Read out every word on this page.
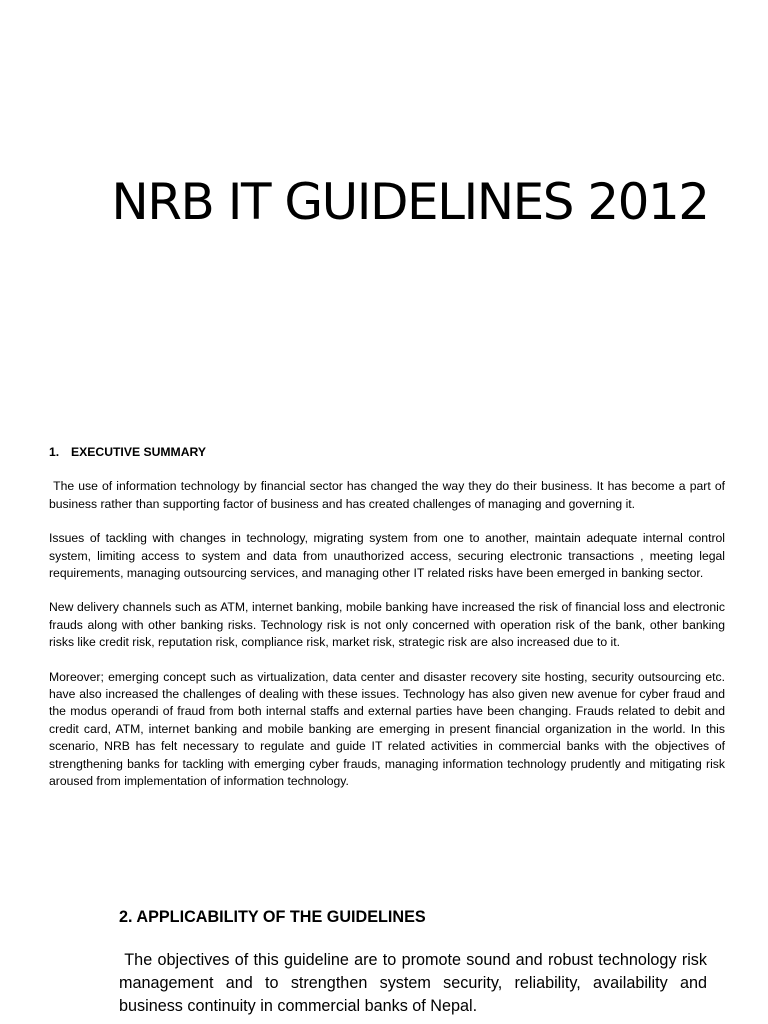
NRB IT GUIDELINES 2012
1. EXECUTIVE SUMMARY

The use of information technology by financial sector has changed the way they do their business. It has become a part of business rather than supporting factor of business and has created challenges of managing and governing it.

Issues of tackling with changes in technology, migrating system from one to another, maintain adequate internal control system, limiting access to system and data from unauthorized access, securing electronic transactions , meeting legal requirements, managing outsourcing services, and managing other IT related risks have been emerged in banking sector.

New delivery channels such as ATM, internet banking, mobile banking have increased the risk of financial loss and electronic frauds along with other banking risks. Technology risk is not only concerned with operation risk of the bank, other banking risks like credit risk, reputation risk, compliance risk, market risk, strategic risk are also increased due to it.

Moreover; emerging concept such as virtualization, data center and disaster recovery site hosting, security outsourcing etc. have also increased the challenges of dealing with these issues. Technology has also given new avenue for cyber fraud and the modus operandi of fraud from both internal staffs and external parties have been changing. Frauds related to debit and credit card, ATM, internet banking and mobile banking are emerging in present financial organization in the world. In this scenario, NRB has felt necessary to regulate and guide IT related activities in commercial banks with the objectives of strengthening banks for tackling with emerging cyber frauds, managing information technology prudently and mitigating risk aroused from implementation of information technology.

2. APPLICABILITY OF THE GUIDELINES

The objectives of this guideline are to promote sound and robust technology risk management and to strengthen system security, reliability, availability and business continuity in commercial banks of Nepal.
